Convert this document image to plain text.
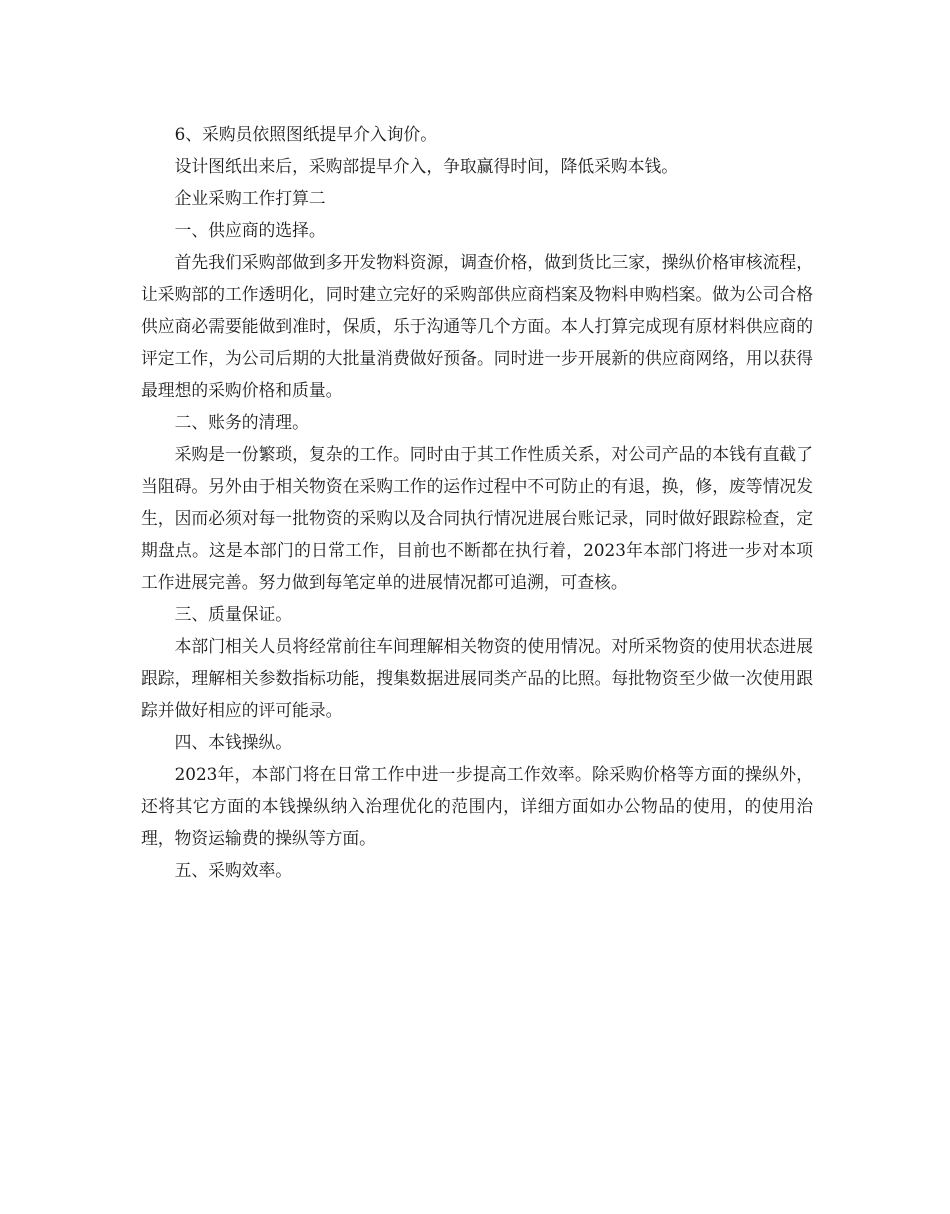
6、采购员依照图纸提早介入询价。

设计图纸出来后，采购部提早介入，争取赢得时间，降低采购本钱。

企业采购工作打算二

一、供应商的选择。

首先我们采购部做到多开发物料资源，调查价格，做到货比三家，操纵价格审核流程，让采购部的工作透明化，同时建立完好的采购部供应商档案及物料申购档案。做为公司合格供应商必需要能做到准时，保质，乐于沟通等几个方面。本人打算完成现有原材料供应商的评定工作，为公司后期的大批量消费做好预备。同时进一步开展新的供应商网络，用以获得最理想的采购价格和质量。

二、账务的清理。

采购是一份繁琐，复杂的工作。同时由于其工作性质关系，对公司产品的本钱有直截了当阻碍。另外由于相关物资在采购工作的运作过程中不可防止的有退，换，修，废等情况发生，因而必须对每一批物资的采购以及合同执行情况进展台账记录，同时做好跟踪检查，定期盘点。这是本部门的日常工作，目前也不断都在执行着，2023年本部门将进一步对本项工作进展完善。努力做到每笔定单的进展情况都可追溯，可查核。

三、质量保证。

本部门相关人员将经常前往车间理解相关物资的使用情况。对所采物资的使用状态进展跟踪，理解相关参数指标功能，搜集数据进展同类产品的比照。每批物资至少做一次使用跟踪并做好相应的评可能录。

四、本钱操纵。

2023年，本部门将在日常工作中进一步提高工作效率。除采购价格等方面的操纵外，还将其它方面的本钱操纵纳入治理优化的范围内，详细方面如办公物品的使用，的使用治理，物资运输费的操纵等方面。

五、采购效率。
